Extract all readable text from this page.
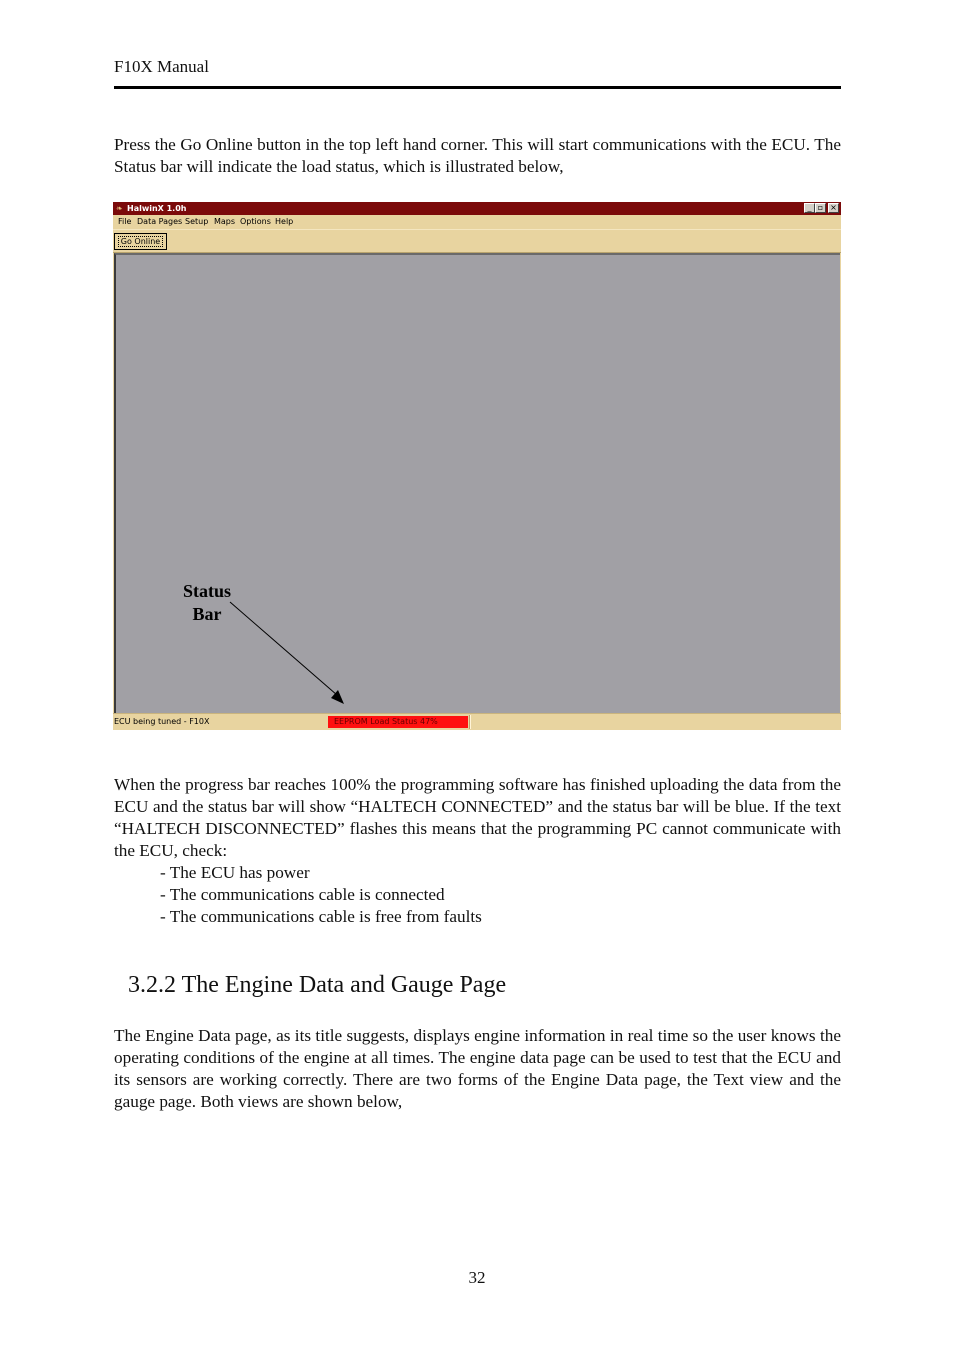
F10X Manual
Press the Go Online button in the top left hand corner. This will start communications with the ECU. The Status bar will indicate the load status, which is illustrated below,
❧ HalwinX 1.0h	_ ▫ ×
File Data Pages Setup Maps Options Help
Go Online
ECU being tuned - F10X	EEPROM Load Status 47%
Status
Bar
When the progress bar reaches 100% the programming software has finished uploading the data from the ECU and the status bar will show “HALTECH CONNECTED” and the status bar will be blue. If the text “HALTECH DISCONNECTED” flashes this means that the programming PC cannot communicate with the ECU, check:
- The ECU has power
- The communications cable is connected
- The communications cable is free from faults
3.2.2 The Engine Data and Gauge Page
The Engine Data page, as its title suggests, displays engine information in real time so the user knows the operating conditions of the engine at all times. The engine data page can be used to test that the ECU and its sensors are working correctly. There are two forms of the Engine Data page, the Text view and the gauge page. Both views are shown below,
32
